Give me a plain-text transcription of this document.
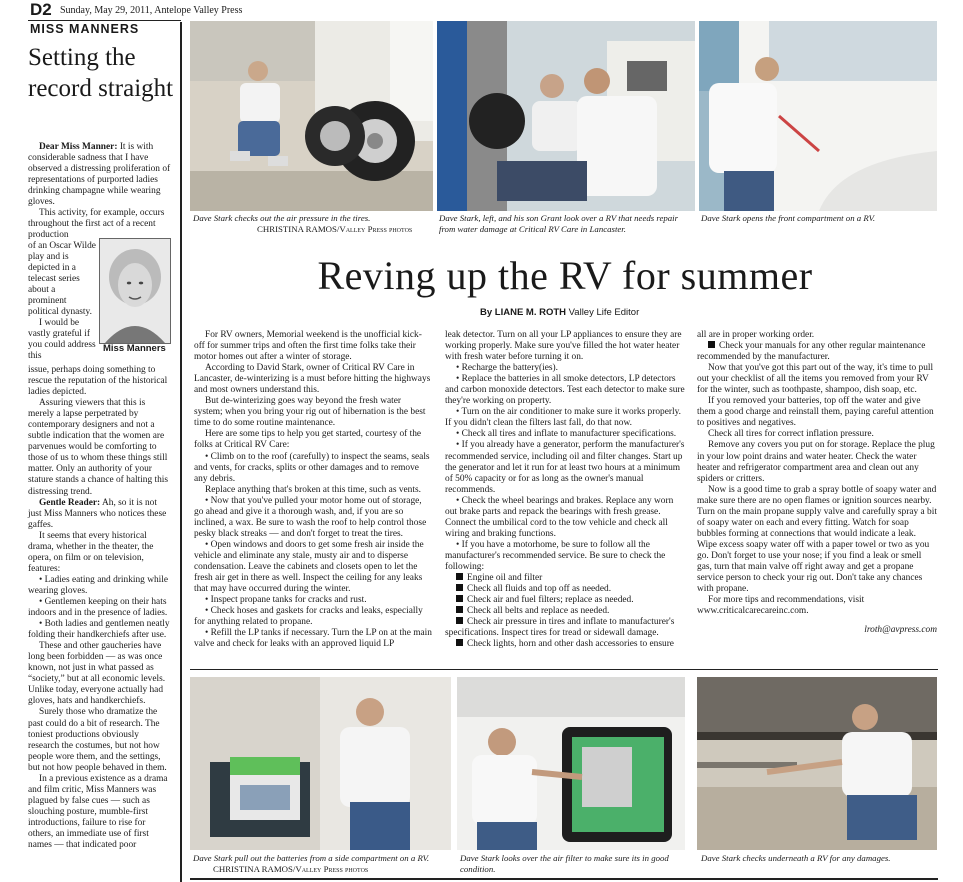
D2 Sunday, May 29, 2011, Antelope Valley Press
MISS MANNERS
Setting the record straight

Dear Miss Manner: It is with considerable sadness that I have observed a distressing proliferation of representations of purported ladies drinking champagne while wearing gloves.

This activity, for example, occurs throughout the first act of a recent production

of an Oscar Wilde play and is depicted in a telecast series about a prominent political dynasty.

I would be vastly grateful if you could address this

Miss Manners

issue, perhaps doing something to rescue the reputation of the historical ladies depicted.

Assuring viewers that this is merely a lapse perpetrated by contemporary designers and not a subtle indication that the women are parvenues would be comforting to those of us to whom these things still matter. Only an authority of your stature stands a chance of halting this distressing trend.

Gentle Reader: Ah, so it is not just Miss Manners who notices these gaffes.

It seems that every historical drama, whether in the theater, the opera, on film or on television, features:

• Ladies eating and drinking while wearing gloves.

• Gentlemen keeping on their hats indoors and in the presence of ladies.

• Both ladies and gentlemen neatly folding their handkerchiefs after use.

These and other gaucheries have long been forbidden — as was once known, not just in what passed as “society,” but at all economic levels. Unlike today, everyone actually had gloves, hats and handkerchiefs.

Surely those who dramatize the past could do a bit of research. The toniest productions obviously research the costumes, but not how people wore them, and the settings, but not how people behaved in them.

In a previous existence as a drama and film critic, Miss Manners was plagued by false cues — such as slouching posture, mumble-first introductions, failure to rise for others, an immediate use of first names — that indicated poor

Dave Stark checks out the air pressure in the tires.
CHRISTINA RAMOS/Valley Press photos
Dave Stark, left, and his son Grant look over a RV that needs repair from water damage at Critical RV Care in Lancaster.
Dave Stark opens the front compartment on a RV.
Reving up the RV for summer
By LIANE M. ROTH Valley Life Editor

For RV owners, Memorial weekend is the unofficial kick-off for summer trips and often the first time folks take their motor homes out after a winter of storage.

According to David Stark, owner of Critical RV Care in Lancaster, de-winterizing is a must before hitting the highways and most owners understand this.

But de-winterizing goes way beyond the fresh water system; when you bring your rig out of hibernation is the best time to do some routine maintenance.

Here are some tips to help you get started, courtesy of the folks at Critical RV Care:

• Climb on to the roof (carefully) to inspect the seams, seals and vents, for cracks, splits or other damages and to remove any debris.

Replace anything that's broken at this time, such as vents.

• Now that you've pulled your motor home out of storage, go ahead and give it a thorough wash, and, if you are so inclined, a wax. Be sure to wash the roof to help control those pesky black streaks — and don't forget to treat the tires.

• Open windows and doors to get some fresh air inside the vehicle and eliminate any stale, musty air and to disperse condensation. Leave the cabinets and closets open to let the fresh air get in there as well. Inspect the ceiling for any leaks that may have occurred during the winter.

• Inspect propane tanks for cracks and rust.

• Check hoses and gaskets for cracks and leaks, especially for anything related to propane.

• Refill the LP tanks if necessary. Turn the LP on at the main valve and check for leaks with an approved liquid LP

leak detector. Turn on all your LP appliances to ensure they are working properly. Make sure you've filled the hot water heater with fresh water before turning it on.

• Recharge the battery(ies).

• Replace the batteries in all smoke detectors, LP detectors and carbon monoxide detectors. Test each detector to make sure they're working on property.

• Turn on the air conditioner to make sure it works properly. If you didn't clean the filters last fall, do that now.

• Check all tires and inflate to manufacturer specifications.

• If you already have a generator, perform the manufacturer's recommended service, including oil and filter changes. Start up the generator and let it run for at least two hours at a minimum of 50% capacity or for as long as the owner's manual recommends.

• Check the wheel bearings and brakes. Replace any worn out brake parts and repack the bearings with fresh grease. Connect the umbilical cord to the tow vehicle and check all wiring and braking functions.

• If you have a motorhome, be sure to follow all the manufacturer's recommended service. Be sure to check the following:

Engine oil and filter

Check all fluids and top off as needed.

Check air and fuel filters; replace as needed.

Check all belts and replace as needed.

Check air pressure in tires and inflate to manufacturer's specifications. Inspect tires for tread or sidewall damage.

Check lights, horn and other dash accessories to ensure

all are in proper working order.

Check your manuals for any other regular maintenance recommended by the manufacturer.

Now that you've got this part out of the way, it's time to pull out your checklist of all the items you removed from your RV for the winter, such as toothpaste, shampoo, dish soap, etc.

If you removed your batteries, top off the water and give them a good charge and reinstall them, paying careful attention to positives and negatives.

Check all tires for correct inflation pressure.

Remove any covers you put on for storage. Replace the plug in your low point drains and water heater. Check the water heater and refrigerator compartment area and clean out any spiders or critters.

Now is a good time to grab a spray bottle of soapy water and make sure there are no open flames or ignition sources nearby. Turn on the main propane supply valve and carefully spray a bit of soapy water on each and every fitting. Watch for soap bubbles forming at connections that would indicate a leak. Wipe excess soapy water off with a paper towel or two as you go. Don't forget to use your nose; if you find a leak or smell gas, turn that main valve off right away and get a propane service person to check your rig out. Don't take any chances with propane.

For more tips and recommendations, visit www.criticalcarecareinc.com.

lroth@avpress.com

Dave Stark pull out the batteries from a side compartment on a RV. CHRISTINA RAMOS/Valley Press photos
Dave Stark looks over the air filter to make sure its in good condition.
Dave Stark checks underneath a RV for any damages.
